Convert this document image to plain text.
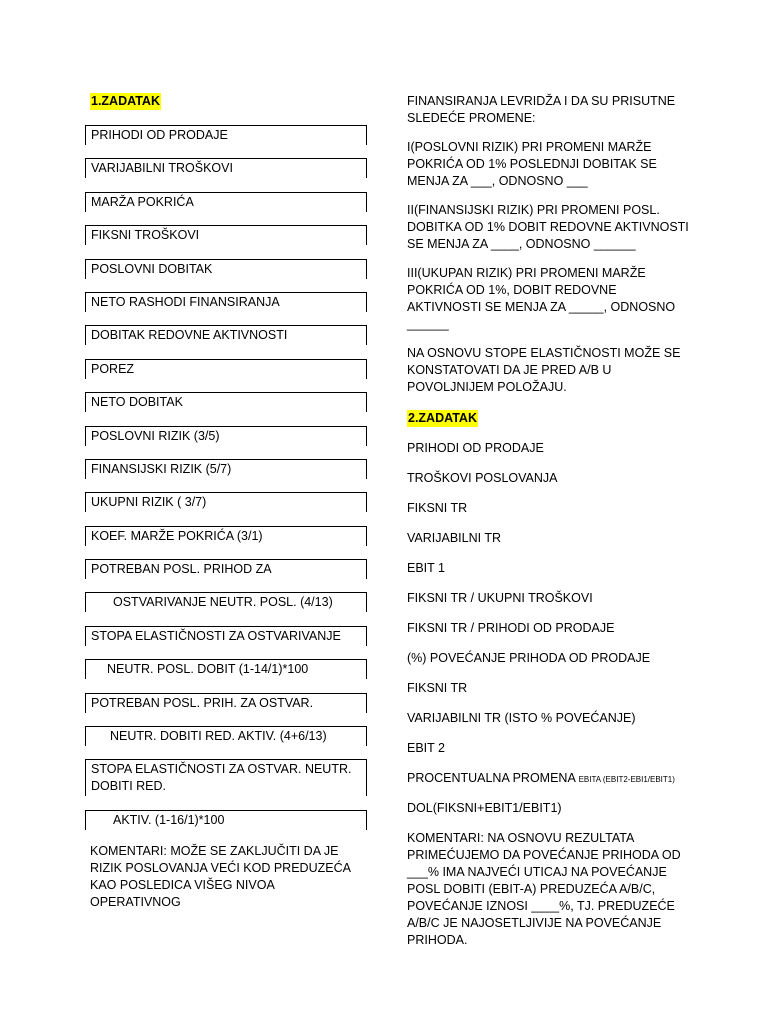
1.ZADATAK
PRIHODI OD PRODAJE
VARIJABILNI TROŠKOVI
MARŽA POKRIĆA
FIKSNI TROŠKOVI
POSLOVNI DOBITAK
NETO RASHODI FINANSIRANJA
DOBITAK REDOVNE AKTIVNOSTI
POREZ
NETO DOBITAK
POSLOVNI RIZIK (3/5)
FINANSIJSKI RIZIK (5/7)
UKUPNI RIZIK ( 3/7)
KOEF. MARŽE POKRIĆA (3/1)
POTREBAN POSL. PRIHOD ZA
OSTVARIVANJE NEUTR. POSL. (4/13)
STOPA ELASTIČNOSTI ZA OSTVARIVANJE
NEUTR. POSL. DOBIT (1-14/1)*100
POTREBAN POSL. PRIH. ZA OSTVAR.
NEUTR. DOBITI RED. AKTIV. (4+6/13)
STOPA ELASTIČNOSTI ZA OSTVAR. NEUTR. DOBITI RED.
AKTIV. (1-16/1)*100
KOMENTARI: MOŽE SE ZAKLJUČITI DA JE RIZIK POSLOVANJA VEĆI KOD PREDUZEĆA KAO POSLEDICA VIŠEG NIVOA OPERATIVNOG
FINANSIRANJA LEVRIDŽA I DA SU PRISUTNE SLEDEĆE PROMENE:
I(POSLOVNI RIZIK) PRI PROMENI MARŽE POKRIĆA OD 1% POSLEDNJI DOBITAK SE MENJA ZA ___, ODNOSNO ___
II(FINANSIJSKI RIZIK) PRI PROMENI POSL. DOBITKA OD 1% DOBIT REDOVNE AKTIVNOSTI SE MENJA ZA ____, ODNOSNO ______
III(UKUPAN RIZIK) PRI PROMENI MARŽE POKRIĆA OD 1%, DOBIT REDOVNE AKTIVNOSTI SE MENJA ZA _____, ODNOSNO ______
NA OSNOVU STOPE ELASTIČNOSTI MOŽE SE KONSTATOVATI DA JE PRED A/B U POVOLJNIJEM POLOŽAJU.
2.ZADATAK
PRIHODI OD PRODAJE
TROŠKOVI POSLOVANJA
FIKSNI TR
VARIJABILNI TR
EBIT 1
FIKSNI TR / UKUPNI TROŠKOVI
FIKSNI TR / PRIHODI OD PRODAJE
(%) POVEĆANJE PRIHODA OD PRODAJE
FIKSNI TR
VARIJABILNI TR (ISTO % POVEĆANJE)
EBIT 2
PROCENTUALNA PROMENA EBITA (EBIT2-EBI1/EBIT1)
DOL(FIKSNI+EBIT1/EBIT1)
KOMENTARI: NA OSNOVU REZULTATA PRIMEĆUJEMO DA POVEĆANJE PRIHODA OD ___% IMA NAJVEĆI UTICAJ NA POVEĆANJE POSL DOBITI (EBIT-A) PREDUZEĆA A/B/C, POVEĆANJE IZNOSI ____%, TJ. PREDUZEĆE A/B/C JE NAJOSETLJIVIJE NA POVEĆANJE PRIHODA.
